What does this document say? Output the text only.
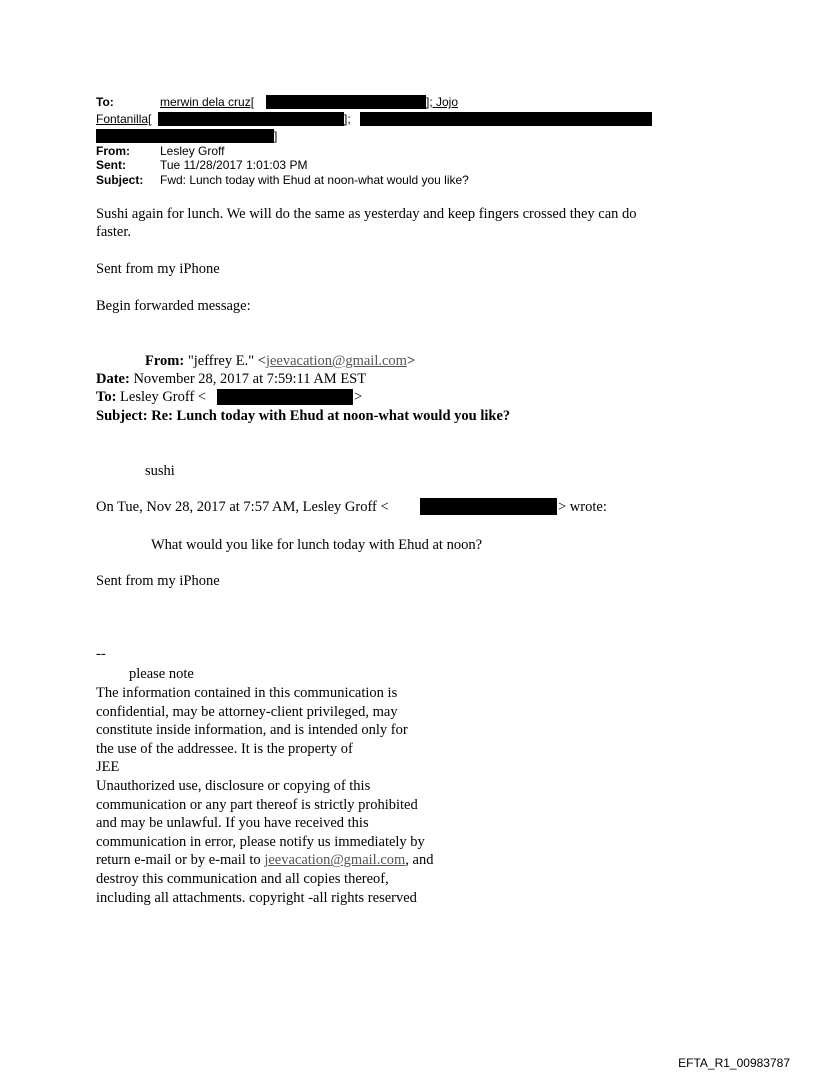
To:	merwin dela cruz[	]; Jojo
Fontanilla[	];
]
From:	Lesley Groff
Sent:	Tue 11/28/2017 1:01:03 PM
Subject: Fwd: Lunch today with Ehud at noon-what would you like?
Sushi again for lunch. We will do the same as yesterday and keep fingers crossed they can do
faster.
Sent from my iPhone
Begin forwarded message:
From: "jeffrey E." <jeevacation@gmail.com>
Date: November 28, 2017 at 7:59:11 AM EST
To: Lesley Groff <	>
Subject: Re: Lunch today with Ehud at noon-what would you like?
sushi
On Tue, Nov 28, 2017 at 7:57 AM, Lesley Groff <	> wrote:
What would you like for lunch today with Ehud at noon?
Sent from my iPhone
--
please note
The information contained in this communication is
confidential, may be attorney-client privileged, may
constitute inside information, and is intended only for
the use of the addressee. It is the property of
JEE
Unauthorized use, disclosure or copying of this
communication or any part thereof is strictly prohibited
and may be unlawful. If you have received this
communication in error, please notify us immediately by
return e-mail or by e-mail to jeevacation@gmail.com, and
destroy this communication and all copies thereof,
including all attachments. copyright -all rights reserved
EFTA_R1_00983787
